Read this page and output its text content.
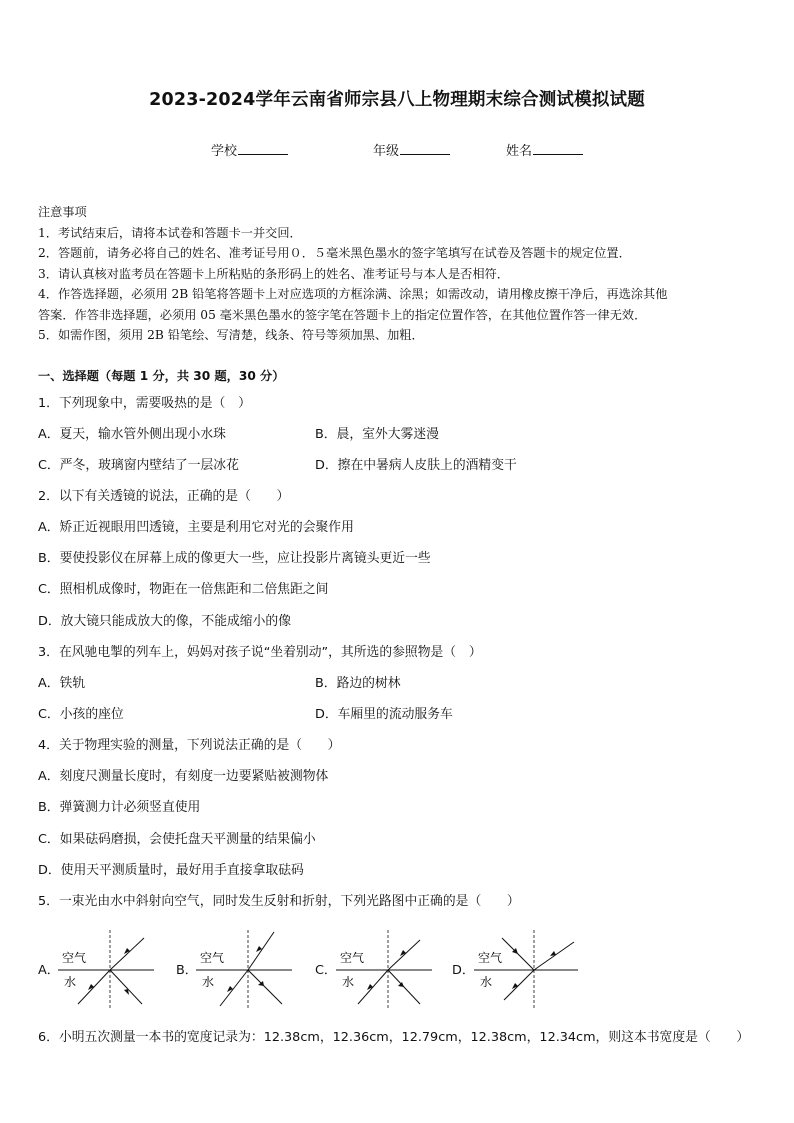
2023-2024学年云南省师宗县八上物理期末综合测试模拟试题
学校	年级	姓名
注意事项
1．考试结束后，请将本试卷和答题卡一并交回．
2．答题前，请务必将自己的姓名、准考证号用０．５毫米黑色墨水的签字笔填写在试卷及答题卡的规定位置．
3．请认真核对监考员在答题卡上所粘贴的条形码上的姓名、准考证号与本人是否相符．
4．作答选择题，必须用 2B 铅笔将答题卡上对应选项的方框涂满、涂黑；如需改动，请用橡皮擦干净后，再选涂其他
答案．作答非选择题，必须用 05 毫米黑色墨水的签字笔在答题卡上的指定位置作答，在其他位置作答一律无效．
5．如需作图，须用 2B 铅笔绘、写清楚，线条、符号等须加黑、加粗．
一、选择题（每题 1 分，共 30 题，30 分）
1．下列现象中，需要吸热的是（　）
A．夏天，输水管外侧出现小水珠	B．晨，室外大雾迷漫
C．严冬，玻璃窗内壁结了一层冰花	D．擦在中暑病人皮肤上的酒精变干
2．以下有关透镜的说法，正确的是（　　）
A．矫正近视眼用凹透镜，主要是利用它对光的会聚作用
B．要使投影仪在屏幕上成的像更大一些，应让投影片离镜头更近一些
C．照相机成像时，物距在一倍焦距和二倍焦距之间
D．放大镜只能成放大的像，不能成缩小的像
3．在风驰电掣的列车上，妈妈对孩子说“坐着别动”，其所选的参照物是（　）
A．铁轨	B．路边的树林
C．小孩的座位	D．车厢里的流动服务车
4．关于物理实验的测量，下列说法正确的是（　　）
A．刻度尺测量长度时，有刻度一边要紧贴被测物体
B．弹簧测力计必须竖直使用
C．如果砝码磨损，会使托盘天平测量的结果偏小
D．使用天平测质量时，最好用手直接拿取砝码
5．一束光由水中斜射向空气，同时发生反射和折射，下列光路图中正确的是（　　）
A．
空气
水
B．
空气
水
C．
空气
水
D．
空气
水
6．小明五次测量一本书的宽度记录为：12.38cm，12.36cm，12.79cm，12.38cm，12.34cm，则这本书宽度是（　　）
